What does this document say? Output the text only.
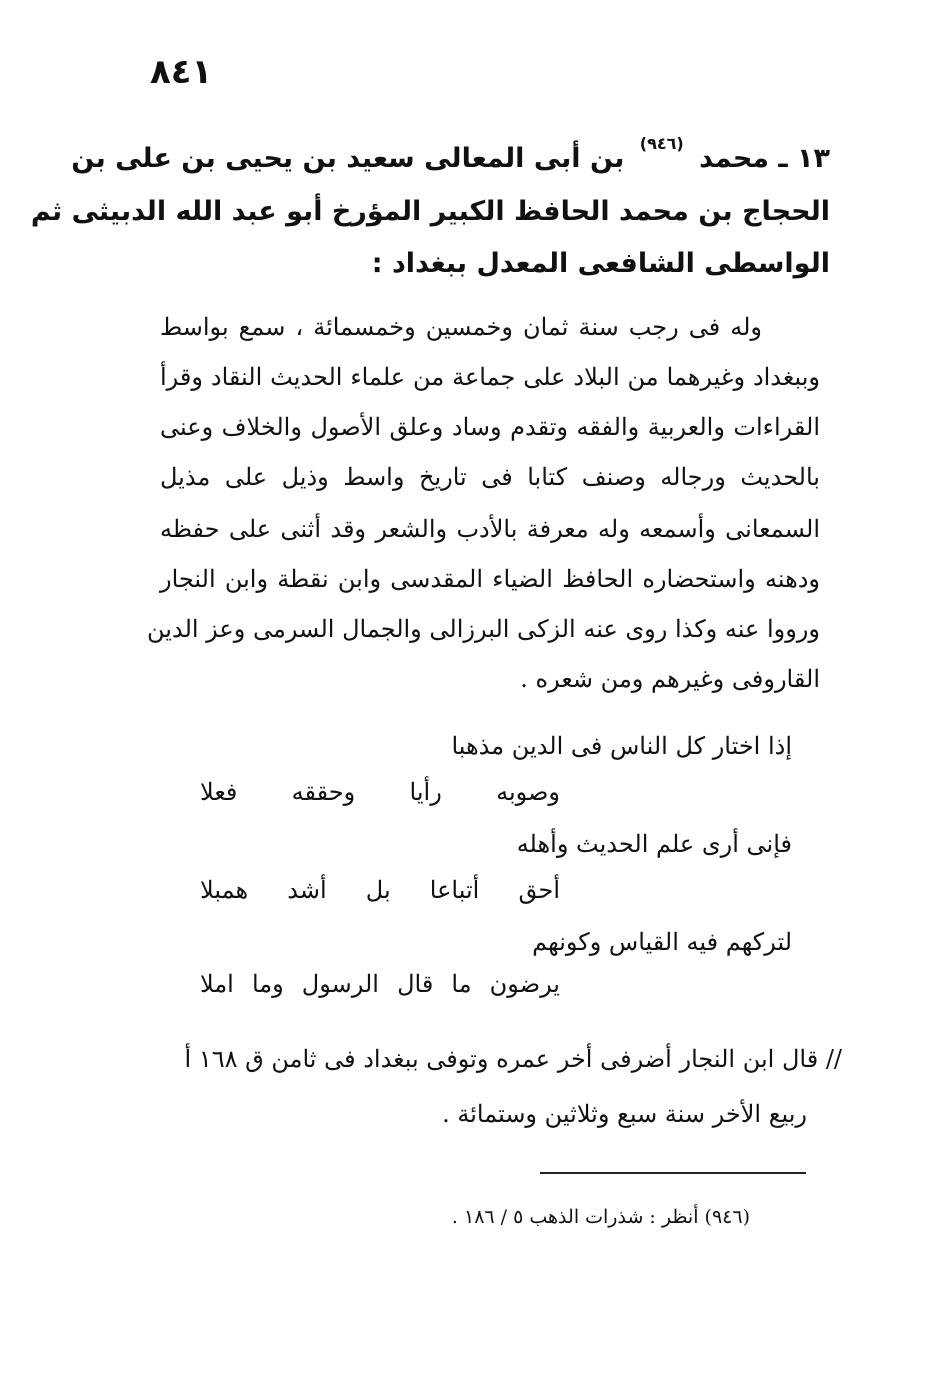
٨٤١
١٣ ـ محمد $^{(٩٤٦)}$ بن أبى المعالى سعيد بن يحيى بن على بن
الحجاج بن محمد الحافظ الكبير المؤرخ أبو عبد الله الدبيثى ثم
الواسطى الشافعى المعدل ببغداد :
وله فى رجب سنة ثمان وخمسين وخمسمائة ، سمع بواسط
وببغداد وغيرهما من البلاد على جماعة من علماء الحديث النقاد وقرأ
القراءات والعربية والفقه وتقدم وساد وعلق الأصول والخلاف وعنى
بالحديث ورجاله وصنف كتابا فى تاريخ واسط وذيل على مذيل
السمعانى وأسمعه وله معرفة بالأدب والشعر وقد أثنى على حفظه
ودهنه واستحضاره الحافظ الضياء المقدسى وابن نقطة وابن النجار
ورووا عنه وكذا روى عنه الزكى البرزالى والجمال السرمى وعز الدين
القاروفى وغيرهم ومن شعره .
إذا اختار كل الناس فى الدين مذهبا
وصوبه رأيا وحققه فعلا
فإنى أرى علم الحديث وأهله
أحق أتباعا بل أشد همبلا
لتركهم فيه القياس وكونهم
يرضون ما قال الرسول وما املا
// قال ابن النجار أضرفى أخر عمره وتوفى ببغداد فى ثامن ق ١٦٨ أ
ربيع الأخر سنة سبع وثلاثين وستمائة .
(٩٤٦) أنظر : شذرات الذهب ٥ / ١٨٦ .
